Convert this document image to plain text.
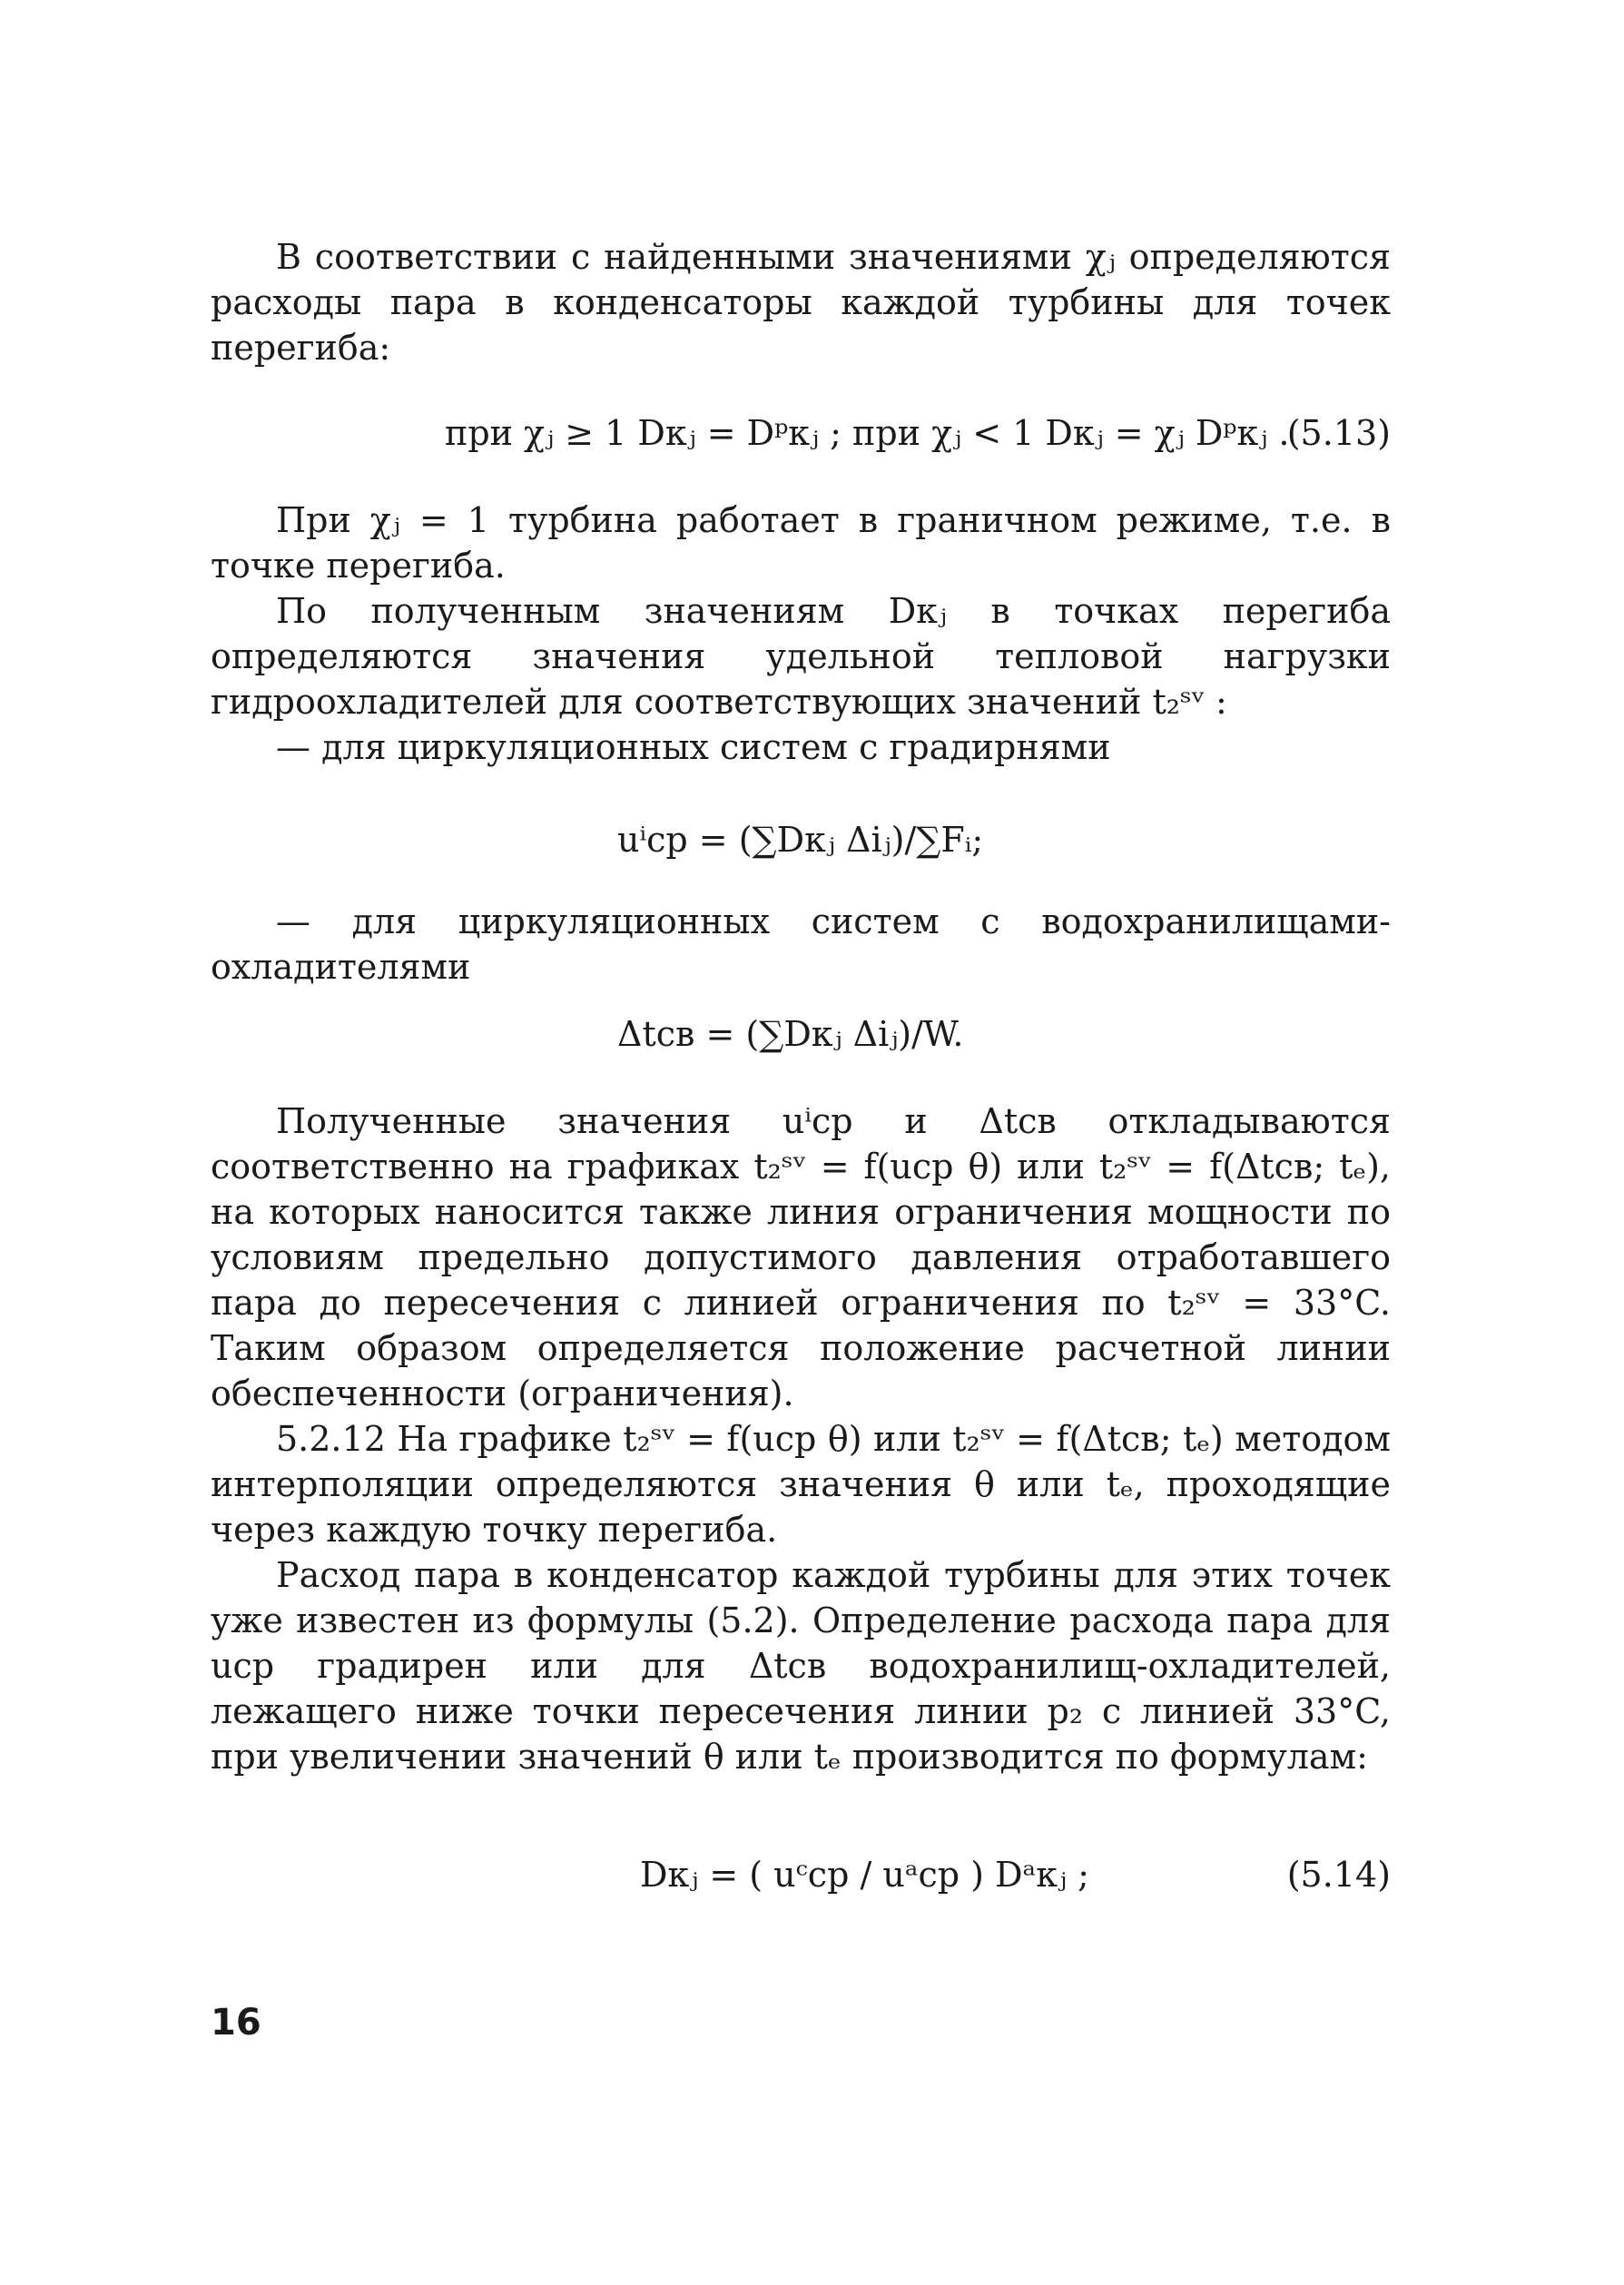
В соответствии с найденными значениями χⱼ определяются расходы пара в конденсаторы каждой турбины для точек перегиба:
при χⱼ ≥ 1 Dкⱼ = Dᵖкⱼ ; при χⱼ < 1 Dкⱼ = χⱼ Dᵖкⱼ .
(5.13)
При χⱼ = 1 турбина работает в граничном режиме, т.е. в точке перегиба.
По полученным значениям Dкⱼ в точках перегиба определяются значения удельной тепловой нагрузки гидроохладителей для соответствующих значений t₂ˢᵛ :
— для циркуляционных систем с градирнями
uⁱср = (∑Dкⱼ Δiⱼ)/∑Fᵢ;
— для циркуляционных систем с водохранилищами-охладителями
Δtсв = (∑Dкⱼ Δiⱼ)/W.
Полученные значения uⁱср и Δtсв откладываются соответственно на графиках t₂ˢᵛ = f(uср θ) или t₂ˢᵛ = f(Δtсв; tₑ), на которых наносится также линия ограничения мощности по условиям предельно допустимого давления отработавшего пара до пересечения с линией ограничения по t₂ˢᵛ = 33°C. Таким образом определяется положение расчетной линии обеспеченности (ограничения).
5.2.12 На графике t₂ˢᵛ = f(uср θ) или t₂ˢᵛ = f(Δtсв; tₑ) методом интерполяции определяются значения θ или tₑ, проходящие через каждую точку перегиба.
Расход пара в конденсатор каждой турбины для этих точек уже известен из формулы (5.2). Определение расхода пара для uср градирен или для Δtсв водохранилищ-охладителей, лежащего ниже точки пересечения линии p₂ с линией 33°C, при увеличении значений θ или tₑ производится по формулам:
Dкⱼ = ( uᶜср / uᵃср ) Dᵃкⱼ ;	(5.14)
16
